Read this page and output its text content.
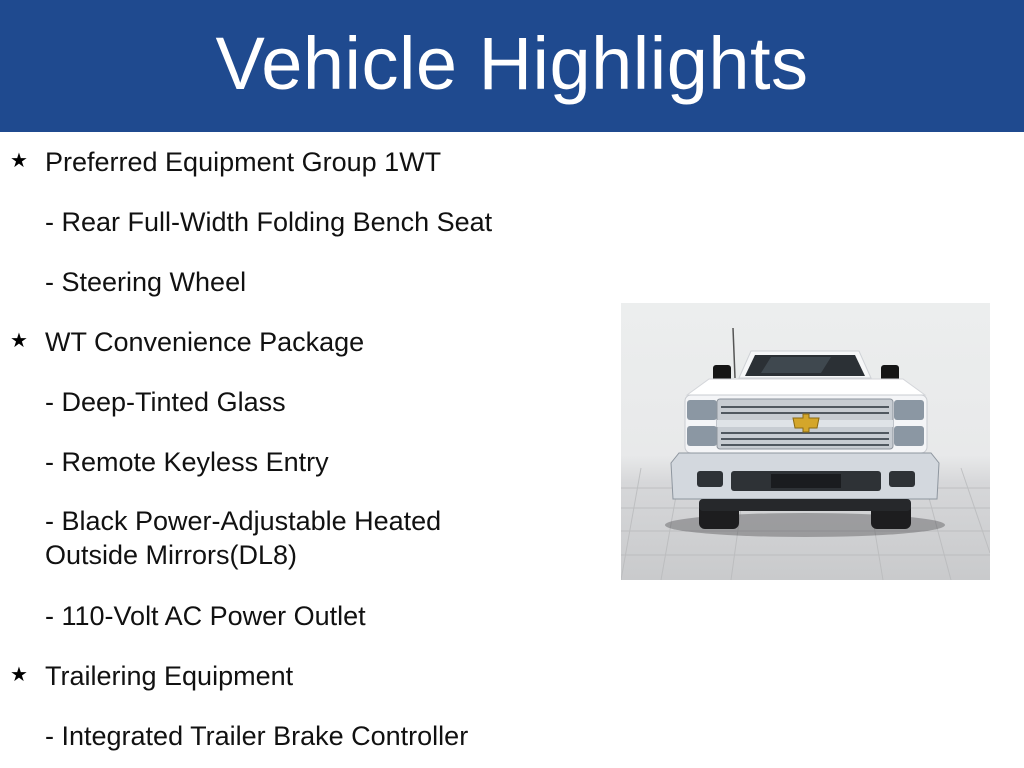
Vehicle Highlights
★ Preferred Equipment Group 1WT
- Rear Full-Width Folding Bench Seat
- Steering Wheel
★ WT Convenience Package
- Deep-Tinted Glass
- Remote Keyless Entry
- Black Power-Adjustable Heated
Outside Mirrors(DL8)
- 110-Volt AC Power Outlet
★ Trailering Equipment
- Integrated Trailer Brake Controller
